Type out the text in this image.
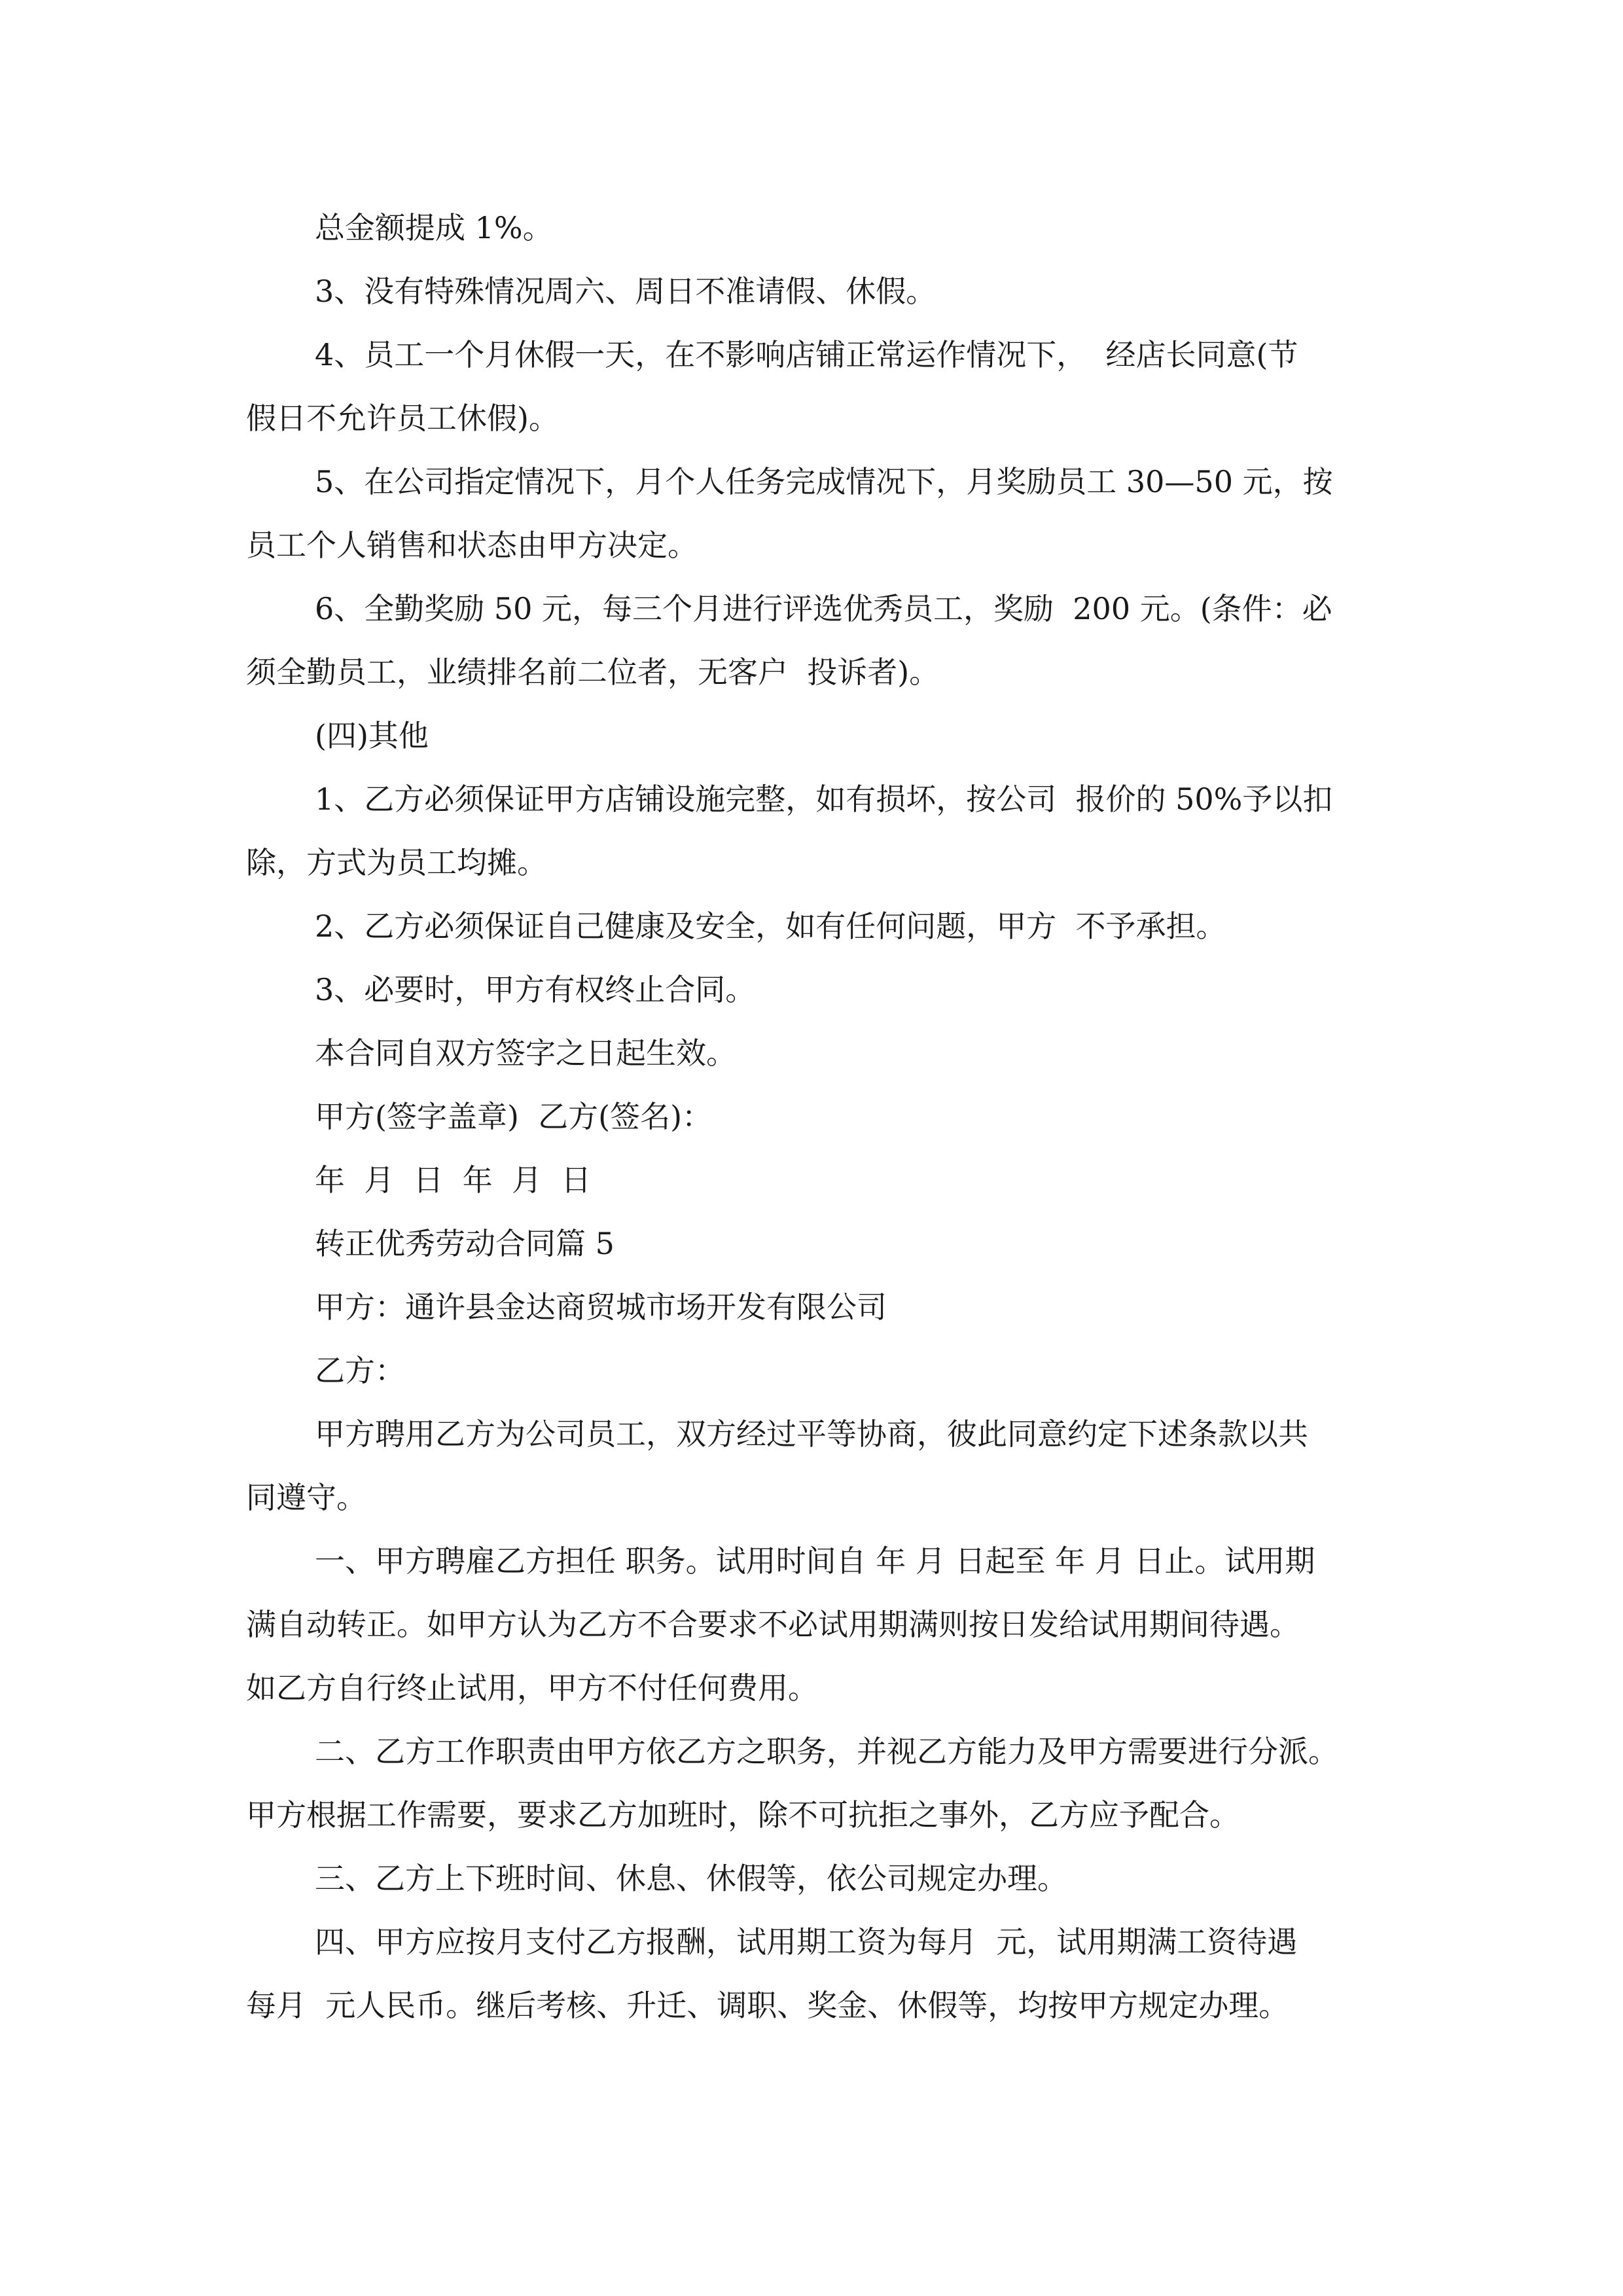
总金额提成 1%。

3、没有特殊情况周六、周日不准请假、休假。

4、员工一个月休假一天，在不影响店铺正常运作情况下，  经店长同意(节

假日不允许员工休假)。

5、在公司指定情况下，月个人任务完成情况下，月奖励员工 30—50 元，按

员工个人销售和状态由甲方决定。

6、全勤奖励 50 元，每三个月进行评选优秀员工，奖励  200 元。(条件：必

须全勤员工，业绩排名前二位者，无客户  投诉者)。

(四)其他

1、乙方必须保证甲方店铺设施完整，如有损坏，按公司  报价的 50%予以扣

除，方式为员工均摊。

2、乙方必须保证自己健康及安全，如有任何问题，甲方  不予承担。

3、必要时，甲方有权终止合同。

本合同自双方签字之日起生效。

甲方(签字盖章)  乙方(签名)：

年  月  日  年  月  日

转正优秀劳动合同篇 5

甲方：通许县金达商贸城市场开发有限公司

乙方：

甲方聘用乙方为公司员工，双方经过平等协商，彼此同意约定下述条款以共

同遵守。

一、甲方聘雇乙方担任 职务。试用时间自 年 月 日起至 年 月 日止。试用期

满自动转正。如甲方认为乙方不合要求不必试用期满则按日发给试用期间待遇。

如乙方自行终止试用，甲方不付任何费用。

二、乙方工作职责由甲方依乙方之职务，并视乙方能力及甲方需要进行分派。

甲方根据工作需要，要求乙方加班时，除不可抗拒之事外，乙方应予配合。

三、乙方上下班时间、休息、休假等，依公司规定办理。

四、甲方应按月支付乙方报酬，试用期工资为每月  元，试用期满工资待遇

每月  元人民币。继后考核、升迁、调职、奖金、休假等，均按甲方规定办理。
